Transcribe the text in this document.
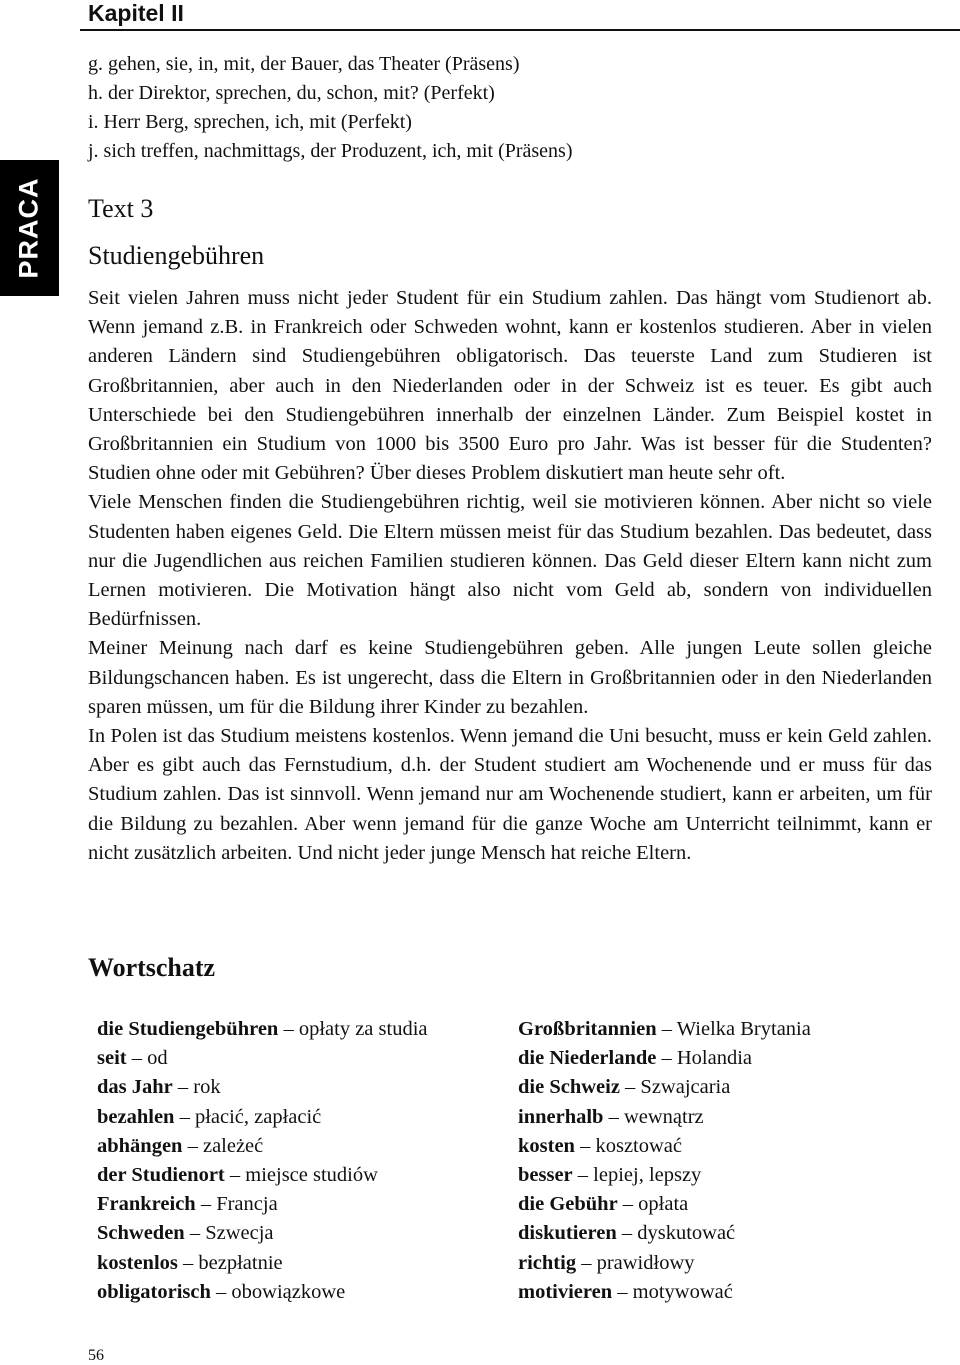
Kapitel II
PRACA
g. gehen, sie, in, mit, der Bauer, das Theater (Präsens)
h. der Direktor, sprechen, du, schon, mit? (Perfekt)
i. Herr Berg, sprechen, ich, mit (Perfekt)
j. sich treffen, nachmittags, der Produzent, ich, mit (Präsens)
Text 3
Studiengebühren

Seit vielen Jahren muss nicht jeder Student für ein Studium zahlen. Das hängt vom Studienort ab. Wenn jemand z.B. in Frankreich oder Schweden wohnt, kann er kostenlos studieren. Aber in vielen anderen Ländern sind Studiengebühren obligatorisch. Das teuerste Land zum Studieren ist Großbritannien, aber auch in den Niederlanden oder in der Schweiz ist es teuer. Es gibt auch Unterschiede bei den Studiengebühren innerhalb der einzelnen Länder. Zum Beispiel kostet in Großbritannien ein Studium von 1000 bis 3500 Euro pro Jahr. Was ist besser für die Studenten? Studien ohne oder mit Gebühren? Über dieses Problem diskutiert man heute sehr oft.

Viele Menschen finden die Studiengebühren richtig, weil sie motivieren können. Aber nicht so viele Studenten haben eigenes Geld. Die Eltern müssen meist für das Studium bezahlen. Das bedeutet, dass nur die Jugendlichen aus reichen Familien studieren können. Das Geld dieser Eltern kann nicht zum Lernen motivieren. Die Motivation hängt also nicht vom Geld ab, sondern von individuellen Bedürfnissen.

Meiner Meinung nach darf es keine Studiengebühren geben. Alle jungen Leute sollen gleiche Bildungschancen haben. Es ist ungerecht, dass die Eltern in Großbritannien oder in den Niederlanden sparen müssen, um für die Bildung ihrer Kinder zu bezahlen.

In Polen ist das Studium meistens kostenlos. Wenn jemand die Uni besucht, muss er kein Geld zahlen. Aber es gibt auch das Fernstudium, d.h. der Student studiert am Wochenende und er muss für das Studium zahlen. Das ist sinnvoll. Wenn jemand nur am Wochenende studiert, kann er arbeiten, um für die Bildung zu bezahlen. Aber wenn jemand für die ganze Woche am Unterricht teilnimmt, kann er nicht zusätzlich arbeiten. Und nicht jeder junge Mensch hat reiche Eltern.

Wortschatz
die Studiengebühren – opłaty za studia
seit – od
das Jahr – rok
bezahlen – płacić, zapłacić
abhängen – zależeć
der Studienort – miejsce studiów
Frankreich – Francja
Schweden – Szwecja
kostenlos – bezpłatnie
obligatorisch – obowiązkowe
Großbritannien – Wielka Brytania
die Niederlande – Holandia
die Schweiz – Szwajcaria
innerhalb – wewnątrz
kosten – kosztować
besser – lepiej, lepszy
die Gebühr – opłata
diskutieren – dyskutować
richtig – prawidłowy
motivieren – motywować
56
